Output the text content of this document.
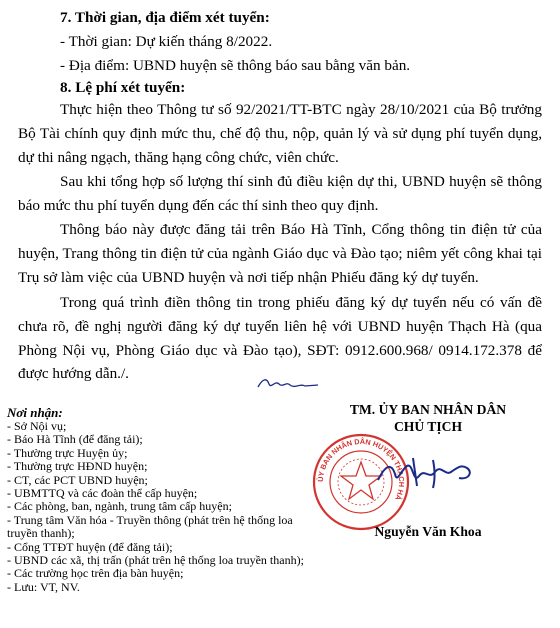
7. Thời gian, địa điểm xét tuyển:
- Thời gian: Dự kiến tháng 8/2022.
- Địa điểm: UBND huyện sẽ thông báo sau bằng văn bản.
8. Lệ phí xét tuyển:
Thực hiện theo Thông tư số 92/2021/TT-BTC ngày 28/10/2021 của Bộ trưởng Bộ Tài chính quy định mức thu, chế độ thu, nộp, quản lý và sử dụng phí tuyển dụng, dự thi nâng ngạch, thăng hạng công chức, viên chức.
Sau khi tổng hợp số lượng thí sinh đủ điều kiện dự thi, UBND huyện sẽ thông báo mức thu phí tuyển dụng đến các thí sinh theo quy định.
Thông báo này được đăng tải trên Báo Hà Tĩnh, Cổng thông tin điện tử của huyện, Trang thông tin điện tử của ngành Giáo dục và Đào tạo; niêm yết công khai tại Trụ sở làm việc của UBND huyện và nơi tiếp nhận Phiếu đăng ký dự tuyển.
Trong quá trình điền thông tin trong phiếu đăng ký dự tuyển nếu có vấn đề chưa rõ, đề nghị người đăng ký dự tuyển liên hệ với UBND huyện Thạch Hà (qua Phòng Nội vụ, Phòng Giáo dục và Đào tạo), SĐT: 0912.600.968/ 0914.172.378 để được hướng dẫn./.
Nơi nhận:
- Sở Nội vụ;
- Báo Hà Tĩnh (để đăng tải);
- Thường trực Huyện ủy;
- Thường trực HĐND huyện;
- CT, các PCT UBND huyện;
- UBMTTQ và các đoàn thể cấp huyện;
- Các phòng, ban, ngành, trung tâm cấp huyện;
- Trung tâm Văn hóa - Truyền thông (phát trên hệ thống loa truyền thanh);
- Cổng TTĐT huyện (để đăng tải);
- UBND các xã, thị trấn (phát trên hệ thống loa truyền thanh);
- Các trường học trên địa bàn huyện;
- Lưu: VT, NV.
TM. ỦY BAN NHÂN DÂN
CHỦ TỊCH
ỦY BAN NHÂN DÂN HUYỆN THẠCH HÀ
Nguyễn Văn Khoa
